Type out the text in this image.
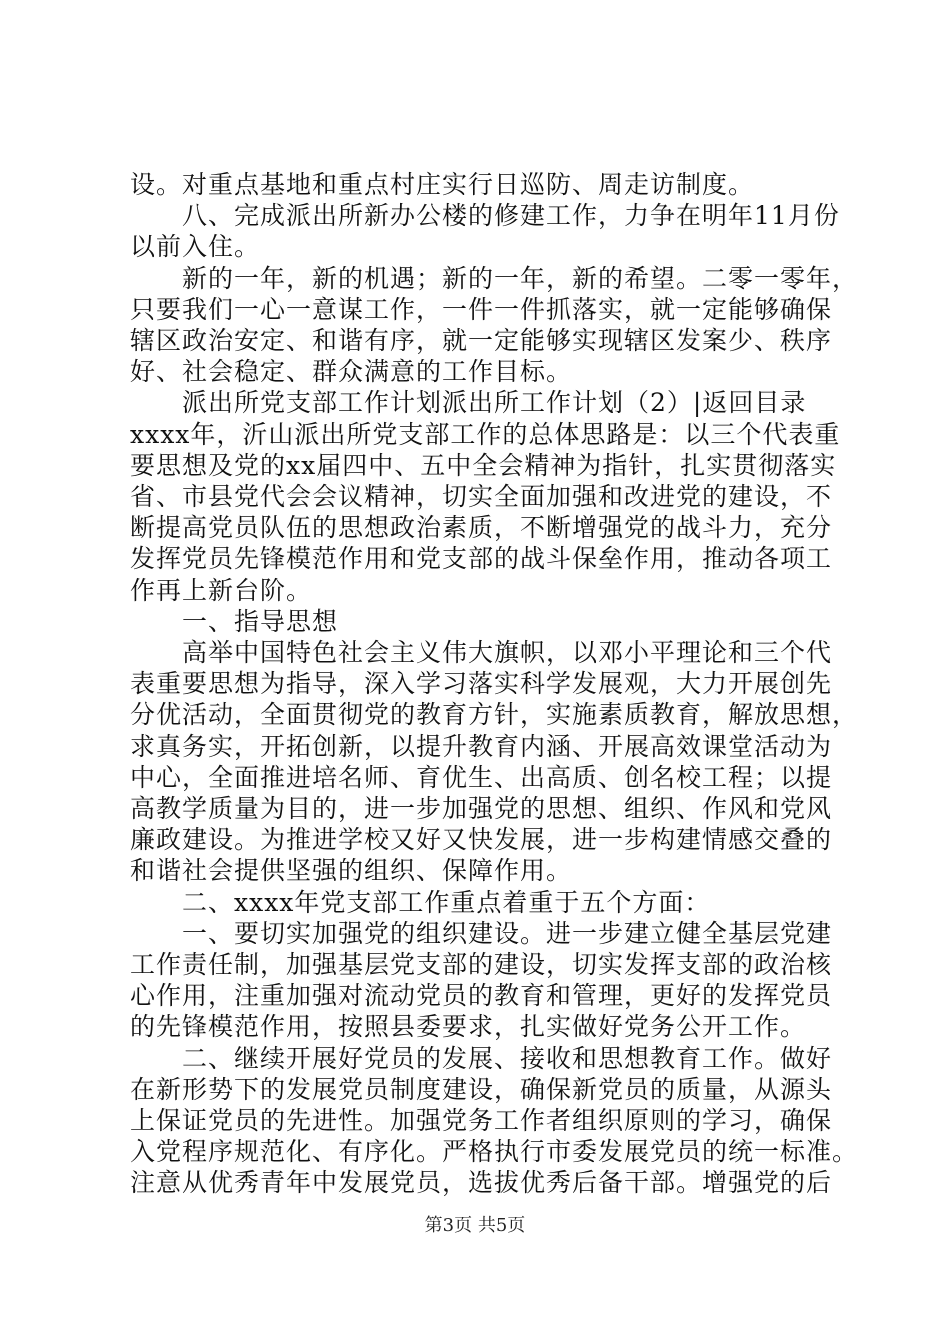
设。对重点基地和重点村庄实行日巡防、周走访制度。
　　八、完成派出所新办公楼的修建工作，力争在明年11月份
以前入住。
　　新的一年，新的机遇；新的一年，新的希望。二零一零年，
只要我们一心一意谋工作，一件一件抓落实，就一定能够确保
辖区政治安定、和谐有序，就一定能够实现辖区发案少、秩序
好、社会稳定、群众满意的工作目标。
　　派出所党支部工作计划派出所工作计划（2）|返回目录
xxxx年，沂山派出所党支部工作的总体思路是：以三个代表重
要思想及党的xx届四中、五中全会精神为指针，扎实贯彻落实
省、市县党代会会议精神，切实全面加强和改进党的建设，不
断提高党员队伍的思想政治素质，不断增强党的战斗力，充分
发挥党员先锋模范作用和党支部的战斗保垒作用，推动各项工
作再上新台阶。
　　一、指导思想
　　高举中国特色社会主义伟大旗帜，以邓小平理论和三个代
表重要思想为指导，深入学习落实科学发展观，大力开展创先
分优活动，全面贯彻党的教育方针，实施素质教育，解放思想，
求真务实，开拓创新，以提升教育内涵、开展高效课堂活动为
中心，全面推进培名师、育优生、出高质、创名校工程；以提
高教学质量为目的，进一步加强党的思想、组织、作风和党风
廉政建设。为推进学校又好又快发展，进一步构建情感交叠的
和谐社会提供坚强的组织、保障作用。
　　二、xxxx年党支部工作重点着重于五个方面：
　　一、要切实加强党的组织建设。进一步建立健全基层党建
工作责任制，加强基层党支部的建设，切实发挥支部的政治核
心作用，注重加强对流动党员的教育和管理，更好的发挥党员
的先锋模范作用，按照县委要求，扎实做好党务公开工作。
　　二、继续开展好党员的发展、接收和思想教育工作。做好
在新形势下的发展党员制度建设，确保新党员的质量，从源头
上保证党员的先进性。加强党务工作者组织原则的学习，确保
入党程序规范化、有序化。严格执行市委发展党员的统一标准。
注意从优秀青年中发展党员，选拔优秀后备干部。增强党的后
第3页 共5页
